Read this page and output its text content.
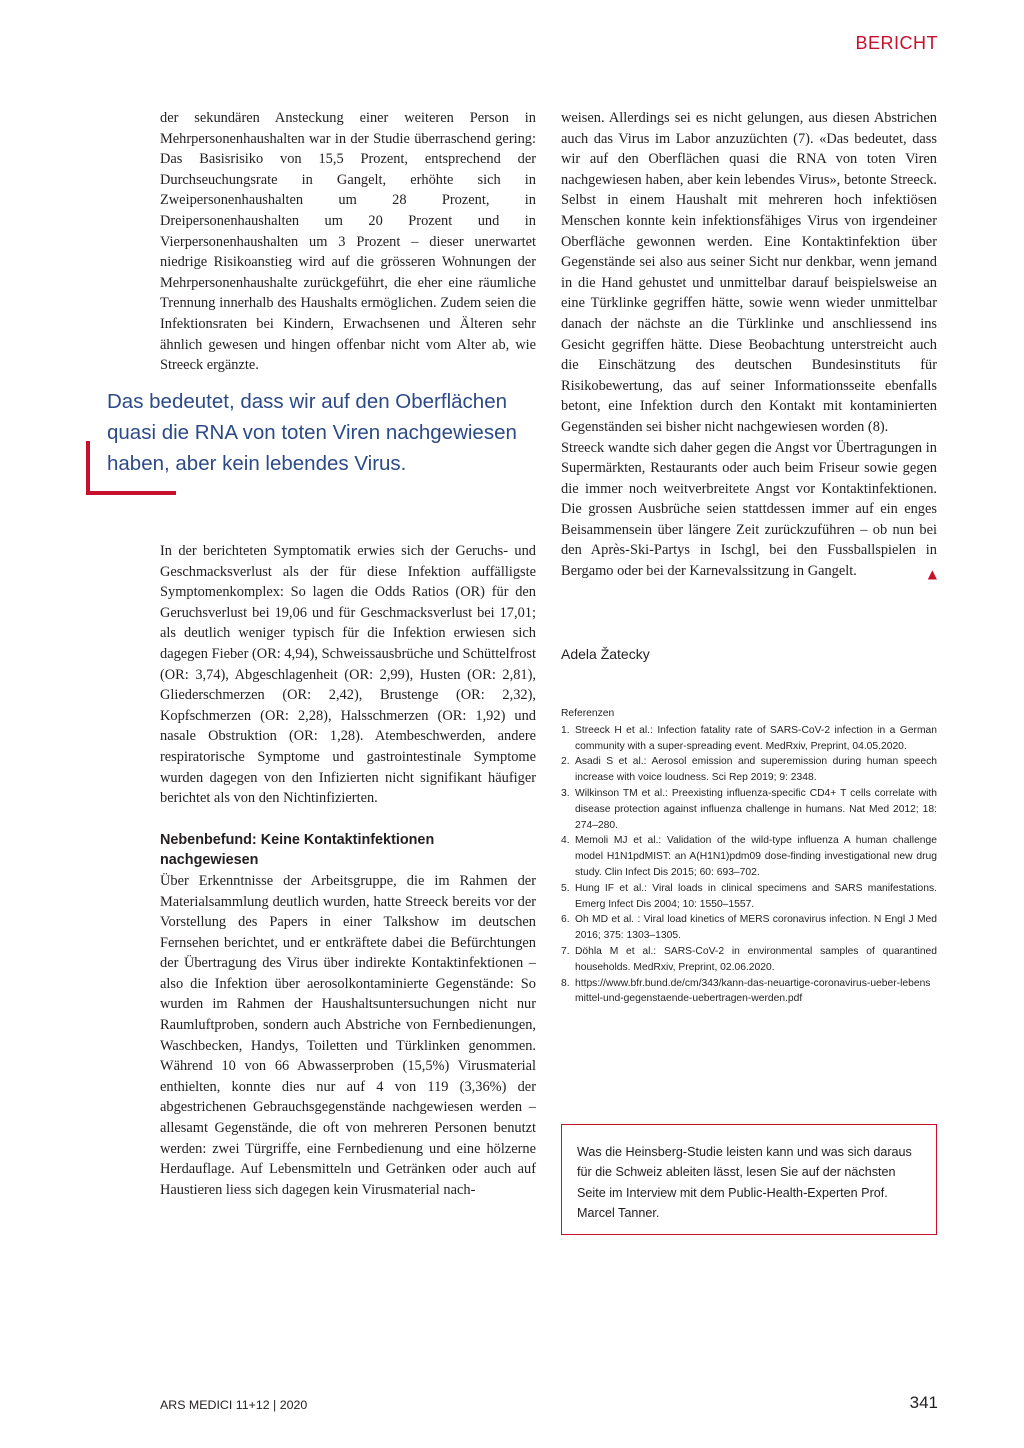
BERICHT

der sekundären Ansteckung einer weiteren Person in Mehrpersonenhaushalten war in der Studie überraschend gering: Das Basisrisiko von 15,5 Prozent, entsprechend der Durchseuchungsrate in Gangelt, erhöhte sich in Zweipersonenhaushalten um 28 Prozent, in Dreipersonenhaushalten um 20 Prozent und in Vierpersonenhaushalten um 3 Prozent – dieser unerwartet niedrige Risikoanstieg wird auf die grösseren Wohnungen der Mehrpersonenhaushalte zurückgeführt, die eher eine räumliche Trennung innerhalb des Haushalts ermöglichen. Zudem seien die Infektionsraten bei Kindern, Erwachsenen und Älteren sehr ähnlich gewesen und hingen offenbar nicht vom Alter ab, wie Streeck ergänzte.

Das bedeutet, dass wir auf den Oberflächen quasi die RNA von toten Viren nachgewiesen haben, aber kein lebendes Virus.

In der berichteten Symptomatik erwies sich der Geruchs- und Geschmacksverlust als der für diese Infektion auffälligste Symptomenkomplex: So lagen die Odds Ratios (OR) für den Geruchsverlust bei 19,06 und für Geschmacksverlust bei 17,01; als deutlich weniger typisch für die Infektion erwiesen sich dagegen Fieber (OR: 4,94), Schweissausbrüche und Schüttelfrost (OR: 3,74), Abgeschlagenheit (OR: 2,99), Husten (OR: 2,81), Gliederschmerzen (OR: 2,42), Brustenge (OR: 2,32), Kopfschmerzen (OR: 2,28), Halsschmerzen (OR: 1,92) und nasale Obstruktion (OR: 1,28). Atembeschwerden, andere respiratorische Symptome und gastrointestinale Symptome wurden dagegen von den Infizierten nicht signifikant häufiger berichtet als von den Nichtinfizierten.

Nebenbefund: Keine Kontaktinfektionen nachgewiesen

Über Erkenntnisse der Arbeitsgruppe, die im Rahmen der Materialsammlung deutlich wurden, hatte Streeck bereits vor der Vorstellung des Papers in einer Talkshow im deutschen Fernsehen berichtet, und er entkräftete dabei die Befürchtungen der Übertragung des Virus über indirekte Kontaktinfektionen – also die Infektion über aerosolkontaminierte Gegenstände: So wurden im Rahmen der Haushaltsuntersuchungen nicht nur Raumluftproben, sondern auch Abstriche von Fernbedienungen, Waschbecken, Handys, Toiletten und Türklinken genommen. Während 10 von 66 Abwasserproben (15,5%) Virusmaterial enthielten, konnte dies nur auf 4 von 119 (3,36%) der abgestrichenen Gebrauchsgegenstände nachgewiesen werden – allesamt Gegenstände, die oft von mehreren Personen benutzt werden: zwei Türgriffe, eine Fernbedienung und eine hölzerne Herdauflage. Auf Lebensmitteln und Getränken oder auch auf Haustieren liess sich dagegen kein Virusmaterial nach-

weisen. Allerdings sei es nicht gelungen, aus diesen Abstrichen auch das Virus im Labor anzuzüchten (7). «Das bedeutet, dass wir auf den Oberflächen quasi die RNA von toten Viren nachgewiesen haben, aber kein lebendes Virus», betonte Streeck. Selbst in einem Haushalt mit mehreren hoch infektiösen Menschen konnte kein infektionsfähiges Virus von irgendeiner Oberfläche gewonnen werden. Eine Kontaktinfektion über Gegenstände sei also aus seiner Sicht nur denkbar, wenn jemand in die Hand gehustet und unmittelbar darauf beispielsweise an eine Türklinke gegriffen hätte, sowie wenn wieder unmittelbar danach der nächste an die Türklinke und anschliessend ins Gesicht gegriffen hätte. Diese Beobachtung unterstreicht auch die Einschätzung des deutschen Bundesinstituts für Risikobewertung, das auf seiner Informationsseite ebenfalls betont, eine Infektion durch den Kontakt mit kontaminierten Gegenständen sei bisher nicht nachgewiesen worden (8).

Streeck wandte sich daher gegen die Angst vor Übertragungen in Supermärkten, Restaurants oder auch beim Friseur sowie gegen die immer noch weitverbreitete Angst vor Kontaktinfektionen. Die grossen Ausbrüche seien stattdessen immer auf ein enges Beisammensein über längere Zeit zurückzuführen – ob nun bei den Après-Ski-Partys in Ischgl, bei den Fussballspielen in Bergamo oder bei der Karnevalssitzung in Gangelt.	▲

Adela Žatecky
Referenzen
1. Streeck H et al.: Infection fatality rate of SARS-CoV-2 infection in a German community with a super-spreading event. MedRxiv, Preprint, 04.05.2020.
2. Asadi S et al.: Aerosol emission and superemission during human speech increase with voice loudness. Sci Rep 2019; 9: 2348.
3. Wilkinson TM et al.: Preexisting influenza-specific CD4+ T cells correlate with disease protection against influenza challenge in humans. Nat Med 2012; 18: 274–280.
4. Memoli MJ et al.: Validation of the wild-type influenza A human challenge model H1N1pdMIST: an A(H1N1)pdm09 dose-finding investigational new drug study. Clin Infect Dis 2015; 60: 693–702.
5. Hung IF et al.: Viral loads in clinical specimens and SARS manifestations. Emerg Infect Dis 2004; 10: 1550–1557.
6. Oh MD et al. : Viral load kinetics of MERS coronavirus infection. N Engl J Med 2016; 375: 1303–1305.
7. Döhla M et al.: SARS-CoV-2 in environmental samples of quarantined households. MedRxiv, Preprint, 02.06.2020.
8. https://www.bfr.bund.de/cm/343/kann-das-neuartige-coronavirus-ueber-lebensmittel-und-gegenstaende-uebertragen-werden.pdf
Was die Heinsberg-Studie leisten kann und was sich daraus für die Schweiz ableiten lässt, lesen Sie auf der nächsten Seite im Interview mit dem Public-Health-Experten Prof. Marcel Tanner.
ARS MEDICI 11+12 | 2020	341
